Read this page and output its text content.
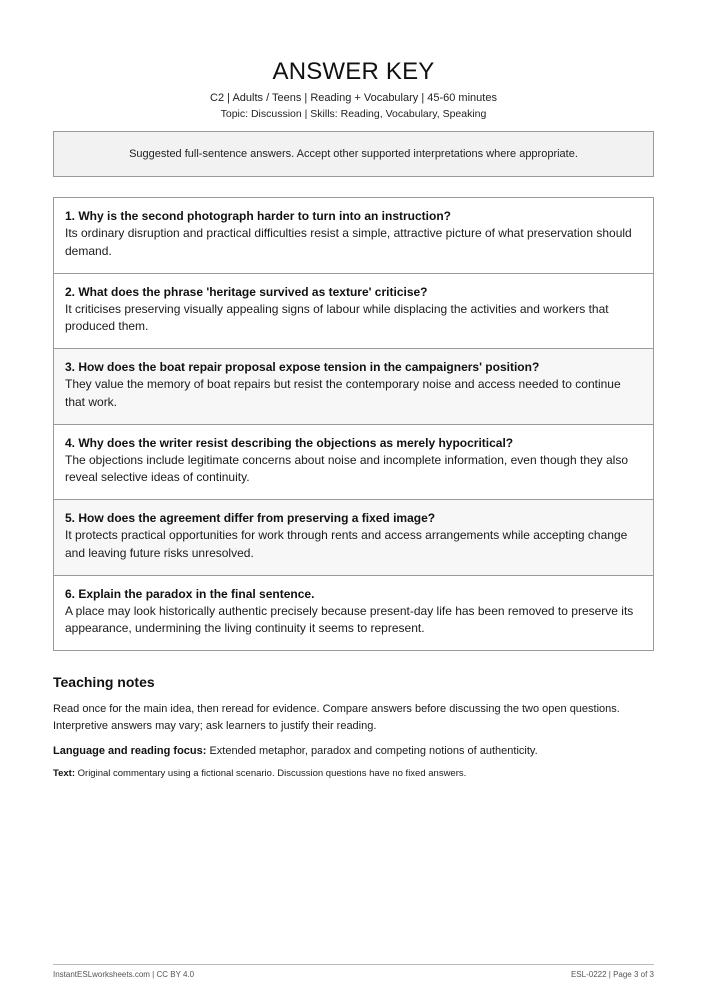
ANSWER KEY
C2 | Adults / Teens | Reading + Vocabulary | 45-60 minutes
Topic: Discussion | Skills: Reading, Vocabulary, Speaking
Suggested full-sentence answers. Accept other supported interpretations where appropriate.
1. Why is the second photograph harder to turn into an instruction?
Its ordinary disruption and practical difficulties resist a simple, attractive picture of what preservation should demand.
2. What does the phrase 'heritage survived as texture' criticise?
It criticises preserving visually appealing signs of labour while displacing the activities and workers that produced them.
3. How does the boat repair proposal expose tension in the campaigners' position?
They value the memory of boat repairs but resist the contemporary noise and access needed to continue that work.
4. Why does the writer resist describing the objections as merely hypocritical?
The objections include legitimate concerns about noise and incomplete information, even though they also reveal selective ideas of continuity.
5. How does the agreement differ from preserving a fixed image?
It protects practical opportunities for work through rents and access arrangements while accepting change and leaving future risks unresolved.
6. Explain the paradox in the final sentence.
A place may look historically authentic precisely because present-day life has been removed to preserve its appearance, undermining the living continuity it seems to represent.
Teaching notes
Read once for the main idea, then reread for evidence. Compare answers before discussing the two open questions. Interpretive answers may vary; ask learners to justify their reading.
Language and reading focus: Extended metaphor, paradox and competing notions of authenticity.
Text: Original commentary using a fictional scenario. Discussion questions have no fixed answers.
InstantESLworksheets.com | CC BY 4.0	ESL-0222 | Page 3 of 3
